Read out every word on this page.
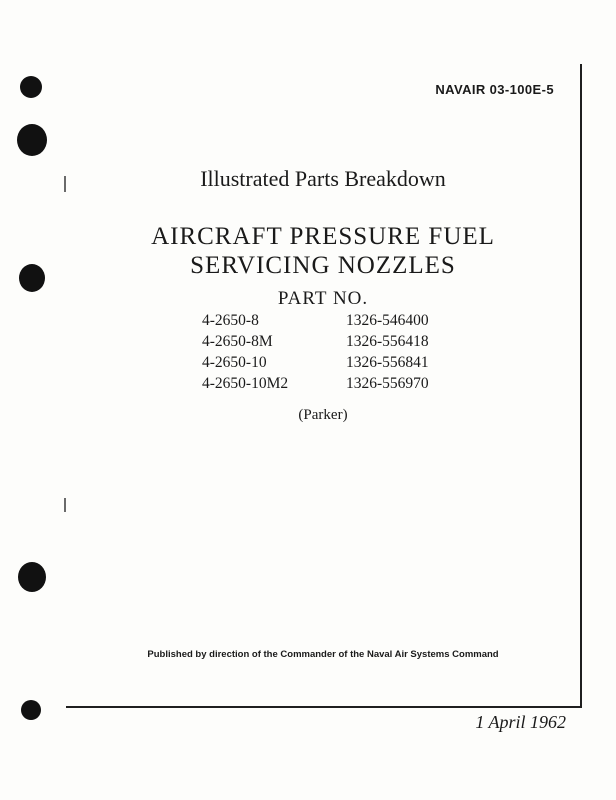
NAVAIR 03-100E-5
Illustrated Parts Breakdown
AIRCRAFT PRESSURE FUEL
SERVICING NOZZLES
PART NO.
4-2650-8	1326-546400
4-2650-8M	1326-556418
4-2650-10	1326-556841
4-2650-10M2	1326-556970
(Parker)
Published by direction of the Commander of the Naval Air Systems Command
1 April 1962
